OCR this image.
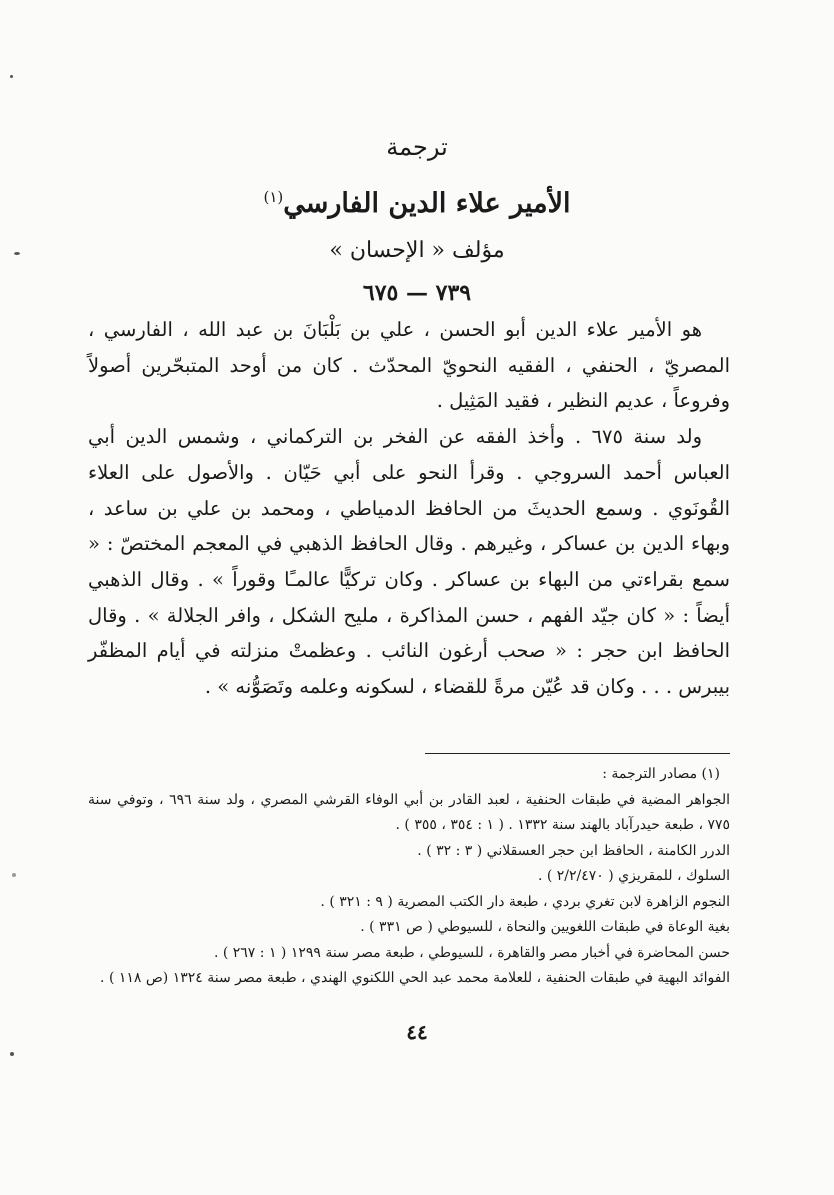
ترجمة
الأمير علاء الدين الفارسي$^{(١)}$
مؤلف « الإحسان »
٧٣٩ — ٦٧٥

هو الأمير علاء الدين أبو الحسن ، علي بن بَلْبَانَ بن عبد الله ، الفارسي ، المصريّ ، الحنفي ، الفقيه النحويّ المحدّث . كان من أوحد المتبحّرين أصولاً وفروعاً ، عديم النظير ، فقيد المَثِيل .

ولد سنة ٦٧٥ . وأخذ الفقه عن الفخر بن التركماني ، وشمس الدين أبي العباس أحمد السروجي . وقرأ النحو على أبي حَيّان . والأصول على العلاء القُونَوي . وسمع الحديثَ من الحافظ الدمياطي ، ومحمد بن علي بن ساعد ، وبهاء الدين بن عساكر ، وغيرهم . وقال الحافظ الذهبي في المعجم المختصّ : « سمع بقراءتي من البهاء بن عساكر . وكان تركيًّا عالمـًا وقوراً » . وقال الذهبي أيضاً : « كان جيّد الفهم ، حسن المذاكرة ، مليح الشكل ، وافر الجلالة » . وقال الحافظ ابن حجر : « صحب أرغون النائب . وعظمتْ منزلته في أيام المظفّر بيبرس . . . وكان قد عُيّن مرةً للقضاء ، لسكونه وعلمه وتَصَوُّنه » .

(١) مصادر الترجمة :

الجواهر المضية في طبقات الحنفية ، لعبد القادر بن أبي الوفاء القرشي المصري ، ولد سنة ٦٩٦ ، وتوفي سنة ٧٧٥ ، طبعة حيدرآباد بالهند سنة ١٣٣٢ . ( ١ : ٣٥٤ ، ٣٥٥ ) .

الدرر الكامنة ، الحافظ ابن حجر العسقلاني ( ٣ : ٣٢ ) .

السلوك ، للمقريزي ( ٢/٢/٤٧٠ ) .

النجوم الزاهرة لابن تغري بردي ، طبعة دار الكتب المصرية ( ٩ : ٣٢١ ) .

بغية الوعاة في طبقات اللغويين والنحاة ، للسيوطي ( ص ٣٣١ ) .

حسن المحاضرة في أخبار مصر والقاهرة ، للسيوطي ، طبعة مصر سنة ١٢٩٩ ( ١ : ٢٦٧ ) .

الفوائد البهية في طبقات الحنفية ، للعلامة محمد عبد الحي اللكنوي الهندي ، طبعة مصر سنة ١٣٢٤ (ص ١١٨ ) .

٤٤
